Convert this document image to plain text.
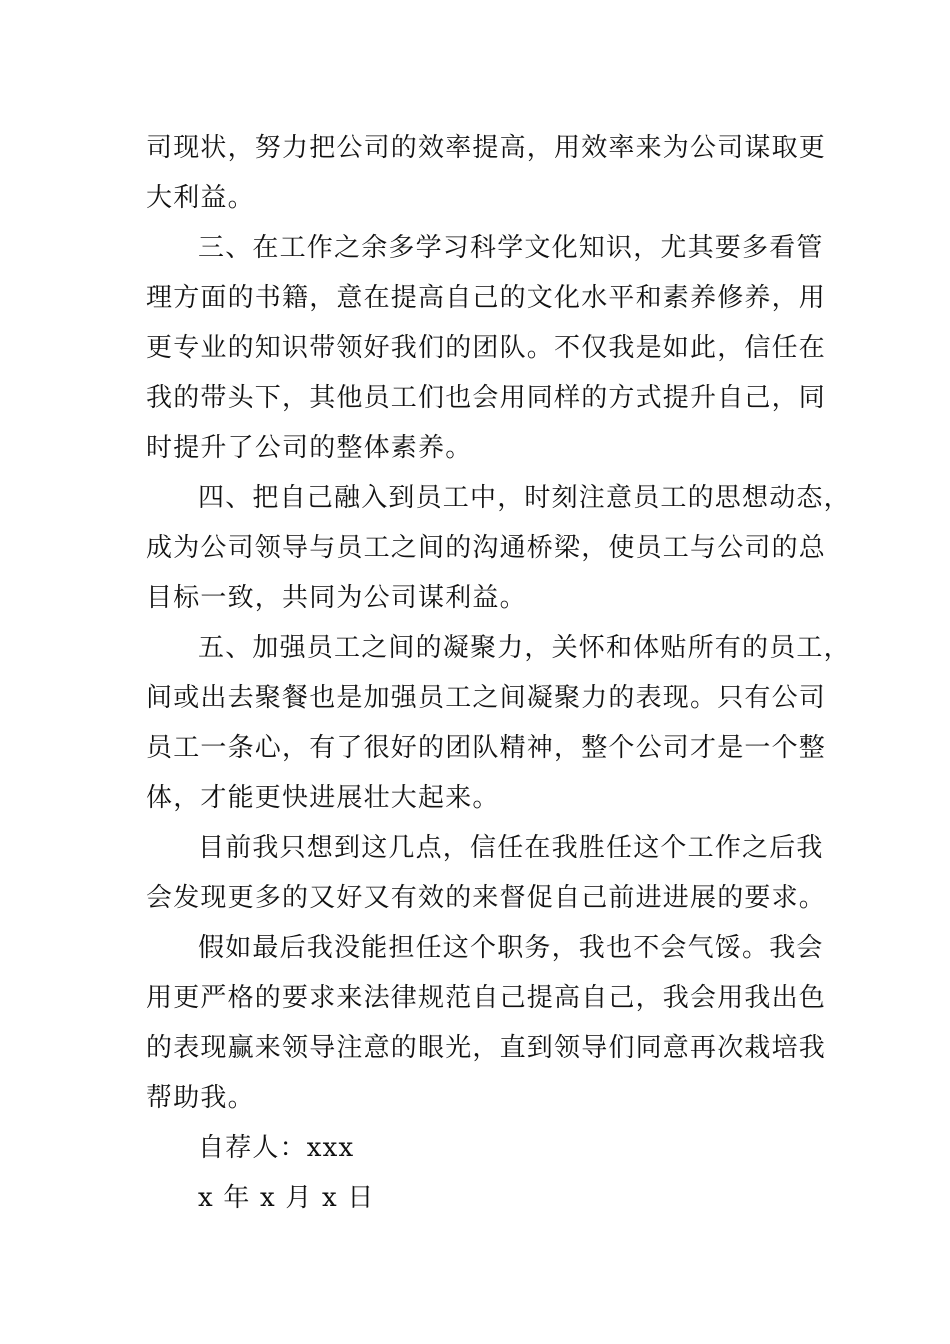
司现状，努力把公司的效率提高，用效率来为公司谋取更
大利益。
三、在工作之余多学习科学文化知识，尤其要多看管
理方面的书籍，意在提高自己的文化水平和素养修养，用
更专业的知识带领好我们的团队。不仅我是如此，信任在
我的带头下，其他员工们也会用同样的方式提升自己，同
时提升了公司的整体素养。
四、把自己融入到员工中，时刻注意员工的思想动态，
成为公司领导与员工之间的沟通桥梁，使员工与公司的总
目标一致，共同为公司谋利益。
五、加强员工之间的凝聚力，关怀和体贴所有的员工，
间或出去聚餐也是加强员工之间凝聚力的表现。只有公司
员工一条心，有了很好的团队精神，整个公司才是一个整
体，才能更快进展壮大起来。
目前我只想到这几点，信任在我胜任这个工作之后我
会发现更多的又好又有效的来督促自己前进进展的要求。
假如最后我没能担任这个职务，我也不会气馁。我会
用更严格的要求来法律规范自己提高自己，我会用我出色
的表现赢来领导注意的眼光，直到领导们同意再次栽培我
帮助我。
自荐人：xxx
x 年 x 月 x 日
